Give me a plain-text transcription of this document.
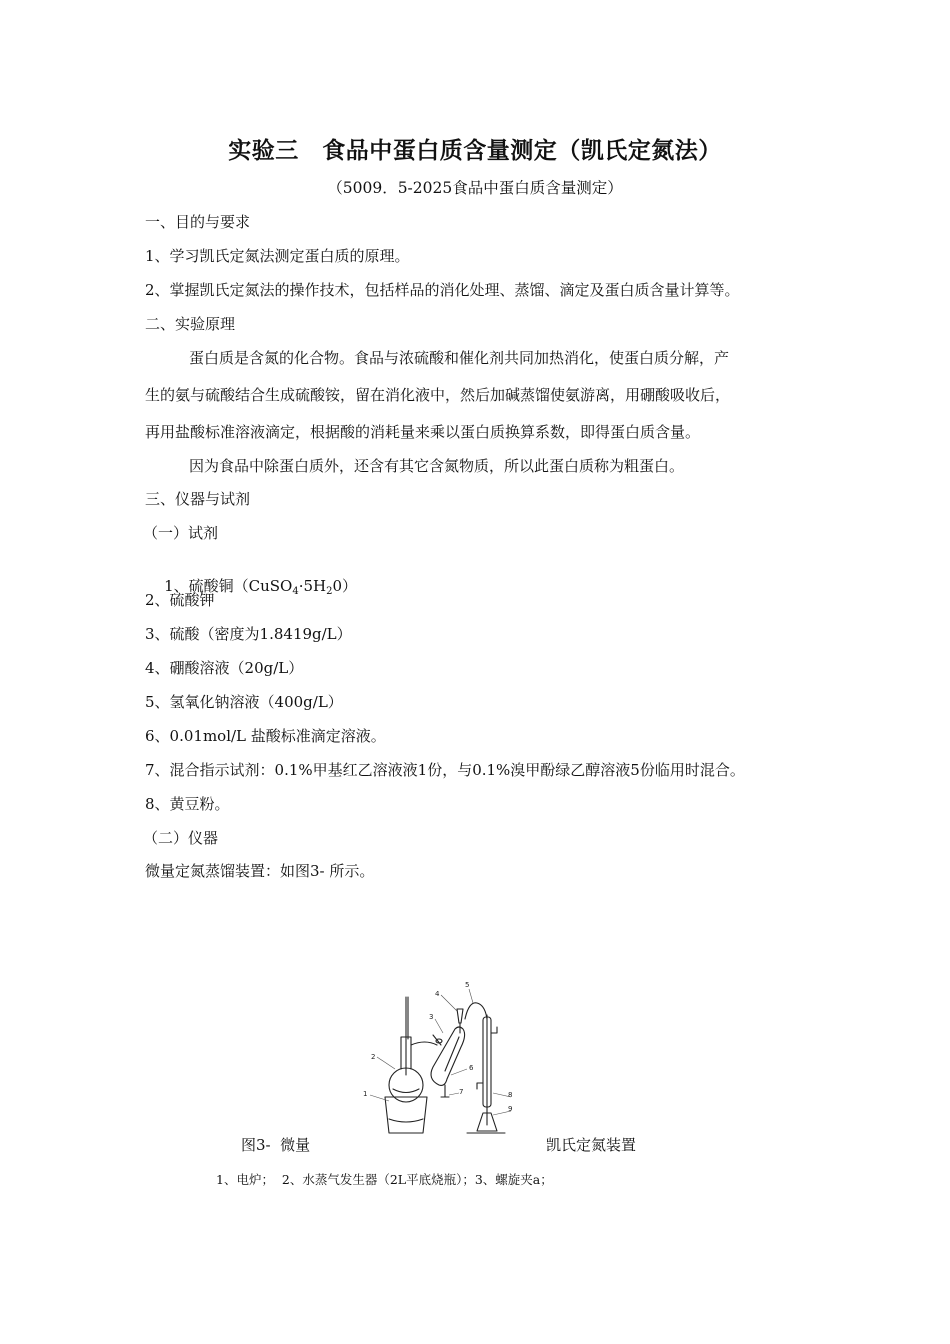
实验三　食品中蛋白质含量测定（凯氏定氮法）
（5009．5-2025食品中蛋白质含量测定）
一、目的与要求
1、学习凯氏定氮法测定蛋白质的原理。
2、掌握凯氏定氮法的操作技术，包括样品的消化处理、蒸馏、滴定及蛋白质含量计算等。
二、实验原理
蛋白质是含氮的化合物。食品与浓硫酸和催化剂共同加热消化，使蛋白质分解，产
生的氨与硫酸结合生成硫酸铵，留在消化液中，然后加碱蒸馏使氨游离，用硼酸吸收后，
再用盐酸标准溶液滴定，根据酸的消耗量来乘以蛋白质换算系数，即得蛋白质含量。
因为食品中除蛋白质外，还含有其它含氮物质，所以此蛋白质称为粗蛋白。
三、仪器与试剂
（一）试剂

1、硫酸铜$(CuSO_4\cdot 5H_20)$

2、硫酸钾
3、硫酸（密度为1.8419g/L）
4、硼酸溶液（20g/L）
5、氢氧化钠溶液（400g/L）
6、0.01mol/L 盐酸标准滴定溶液。
7、混合指示试剂：0.1%甲基红乙溶液液1份，与0.1%溴甲酚绿乙醇溶液5份临用时混合。
8、黄豆粉。
（二）仪器
微量定氮蒸馏装置：如图3- 所示。
1
2
3
4
5
6
7	8
9
图3-  微量	凯氏定氮装置
1、电炉；  2、水蒸气发生器（2L平底烧瓶）；3、螺旋夹a；
